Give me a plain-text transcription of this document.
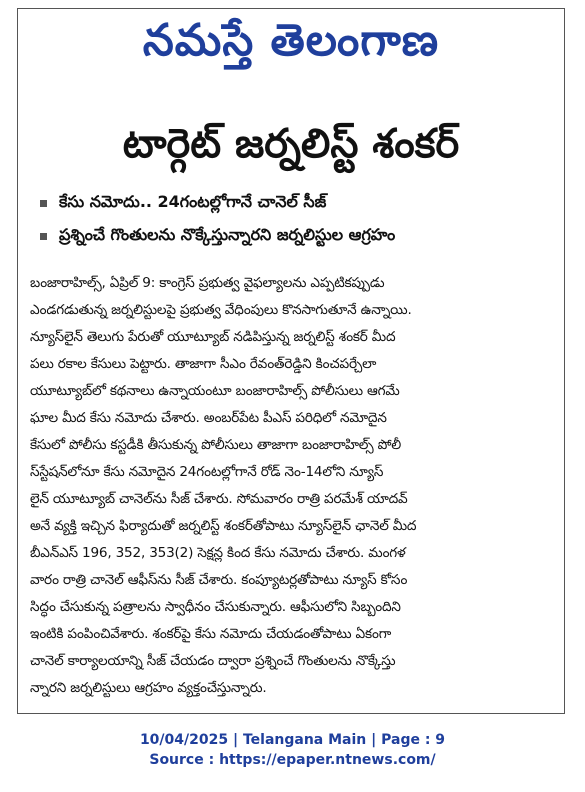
నమస్తే తెలంగాణ
టార్గెట్ జర్నలిస్ట్ శంకర్
కేసు నమోదు.. 24గంటల్లోగానే చానెల్ సీజ్
ప్రశ్నించే గొంతులను నొక్కేస్తున్నారని జర్నలిస్టుల ఆగ్రహం
బంజారాహిల్స్, ఏప్రిల్ 9: కాంగ్రెస్ ప్రభుత్వ వైఫల్యాలను ఎప్పటికప్పుడు
ఎండగడుతున్న జర్నలిస్టులపై ప్రభుత్వ వేధింపులు కొనసాగుతూనే ఉన్నాయి.
న్యూస్‌లైన్ తెలుగు పేరుతో యూట్యూబ్ నడిపిస్తున్న జర్నలిస్ట్ శంకర్ మీద
పలు రకాల కేసులు పెట్టారు. తాజాగా సీఎం రేవంత్‌రెడ్డిని కించపర్చేలా
యూట్యూబ్‌లో కథనాలు ఉన్నాయంటూ బంజారాహిల్స్ పోలీసులు ఆగమే
ఘాల మీద కేసు నమోదు చేశారు. అంబర్‌పేట పీఎస్ పరిధిలో నమోదైన
కేసులో పోలీసు కస్టడీకి తీసుకున్న పోలీసులు తాజాగా బంజారాహిల్స్ పోలీ
స్‌స్టేషన్‌లోనూ కేసు నమోదైన 24గంటల్లోగానే రోడ్ నెం-14లోని న్యూస్
లైన్ యూట్యూబ్ చానెల్‌ను సీజ్ చేశారు. సోమవారం రాత్రి పరమేశ్ యాదవ్
అనే వ్యక్తి ఇచ్చిన ఫిర్యాదుతో జర్నలిస్ట్ శంకర్‌తోపాటు న్యూస్‌లైన్ ఛానెల్ మీద
బీఎన్‌ఎస్ 196, 352, 353(2) సెక్షన్ల కింద కేసు నమోదు చేశారు. మంగళ
వారం రాత్రి చానెల్ ఆఫీస్‌ను సీజ్ చేశారు. కంప్యూటర్లతోపాటు న్యూస్ కోసం
సిద్ధం చేసుకున్న పత్రాలను స్వాధీనం చేసుకున్నారు. ఆఫీసులోని సిబ్బందిని
ఇంటికి పంపించివేశారు. శంకర్‌పై కేసు నమోదు చేయడంతోపాటు ఏకంగా
చానెల్ కార్యాలయాన్ని సీజ్ చేయడం ద్వారా ప్రశ్నించే గొంతులను నొక్కేస్తు
న్నారని జర్నలిస్టులు ఆగ్రహం వ్యక్తంచేస్తున్నారు.
10/04/2025 | Telangana Main | Page : 9
Source : https://epaper.ntnews.com/
